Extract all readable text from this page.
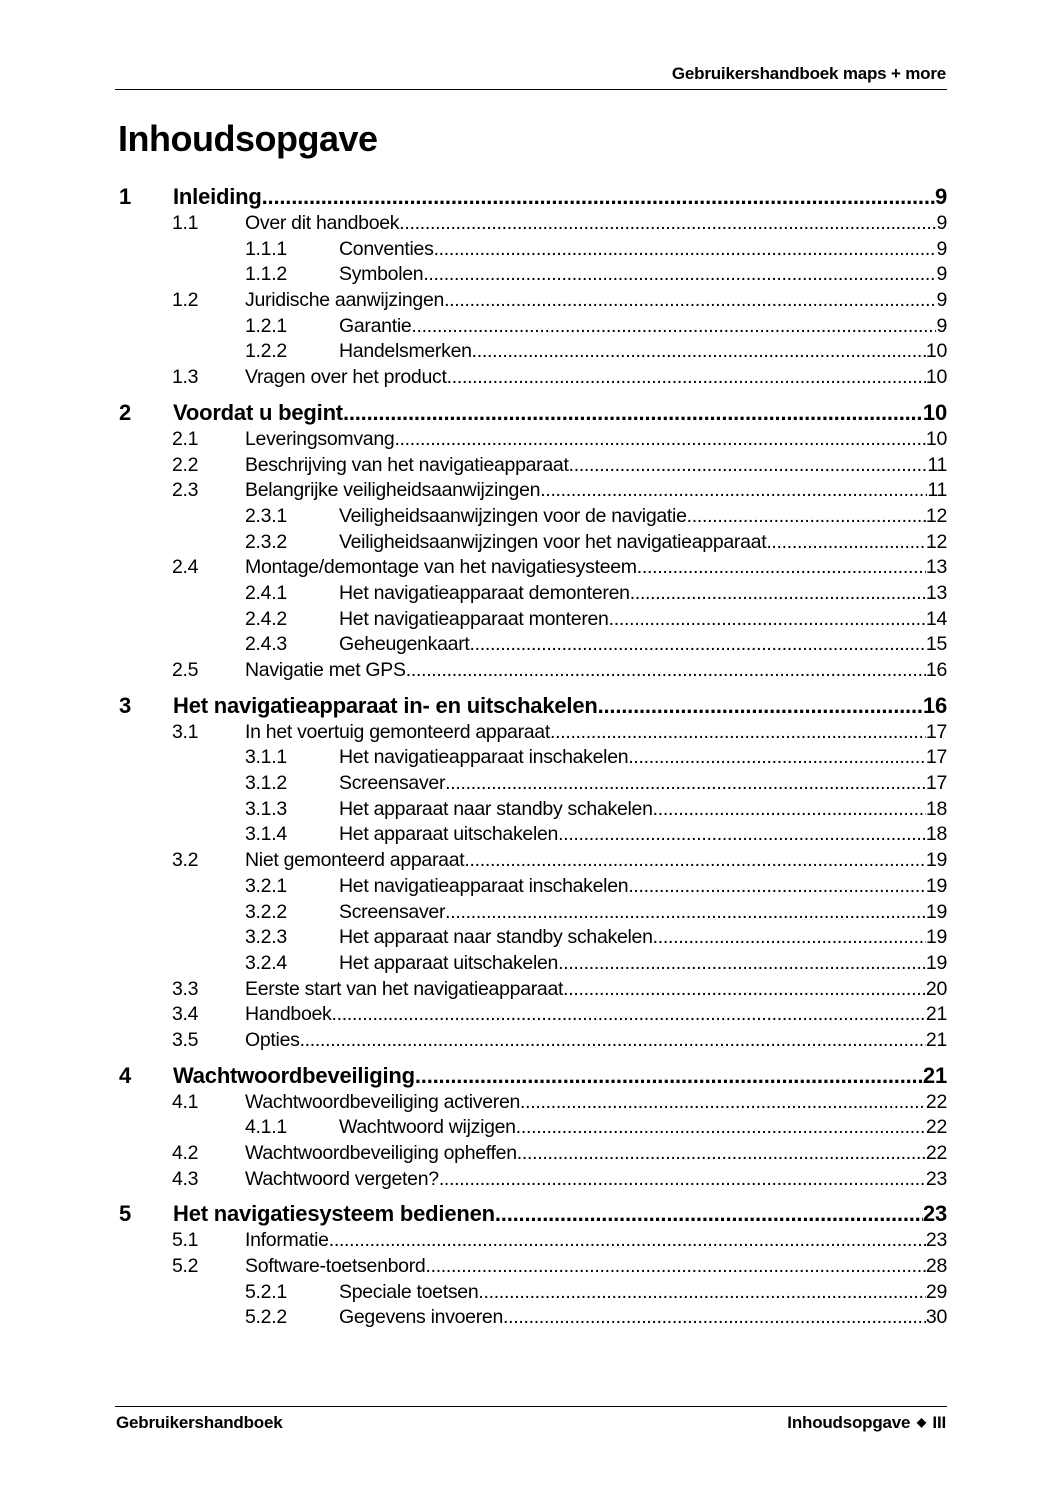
Gebruikershandboek maps + more
Inhoudsopgave
1 Inleiding .....	9
1.1 Over dit handboek .....	9
1.1.1	Conventies .....	9
1.1.2	Symbolen .....	9
1.2 Juridische aanwijzingen .....	9
1.2.1	Garantie .....	9
1.2.2	Handelsmerken .....	10
1.3 Vragen over het product .....	10
2 Voordat u begint .....	10
2.1 Leveringsomvang .....	10
2.2 Beschrijving van het navigatieapparaat .....	11
2.3 Belangrijke veiligheidsaanwijzingen .....	11
2.3.1	Veiligheidsaanwijzingen voor de navigatie .....	12
2.3.2	Veiligheidsaanwijzingen voor het navigatieapparaat .....	12
2.4 Montage/demontage van het navigatiesysteem .....	13
2.4.1	Het navigatieapparaat demonteren .....	13
2.4.2	Het navigatieapparaat monteren .....	14
2.4.3	Geheugenkaart .....	15
2.5 Navigatie met GPS .....	16
3 Het navigatieapparaat in- en uitschakelen .....	16
3.1 In het voertuig gemonteerd apparaat .....	17
3.1.1	Het navigatieapparaat inschakelen .....	17
3.1.2	Screensaver .....	17
3.1.3	Het apparaat naar standby schakelen .....	18
3.1.4	Het apparaat uitschakelen .....	18
3.2 Niet gemonteerd apparaat .....	19
3.2.1	Het navigatieapparaat inschakelen .....	19
3.2.2	Screensaver .....	19
3.2.3	Het apparaat naar standby schakelen .....	19
3.2.4	Het apparaat uitschakelen .....	19
3.3 Eerste start van het navigatieapparaat .....	20
3.4 Handboek .....	21
3.5 Opties .....	21
4 Wachtwoordbeveiliging .....	21
4.1 Wachtwoordbeveiliging activeren .....	22
4.1.1	Wachtwoord wijzigen .....	22
4.2 Wachtwoordbeveiliging opheffen .....	22
4.3 Wachtwoord vergeten? .....	23
5 Het navigatiesysteem bedienen .....	23
5.1 Informatie .....	23
5.2 Software-toetsenbord .....	28
5.2.1	Speciale toetsen .....	29
5.2.2	Gegevens invoeren .....	30
Gebruikershandboek	Inhoudsopgave ◆ III
